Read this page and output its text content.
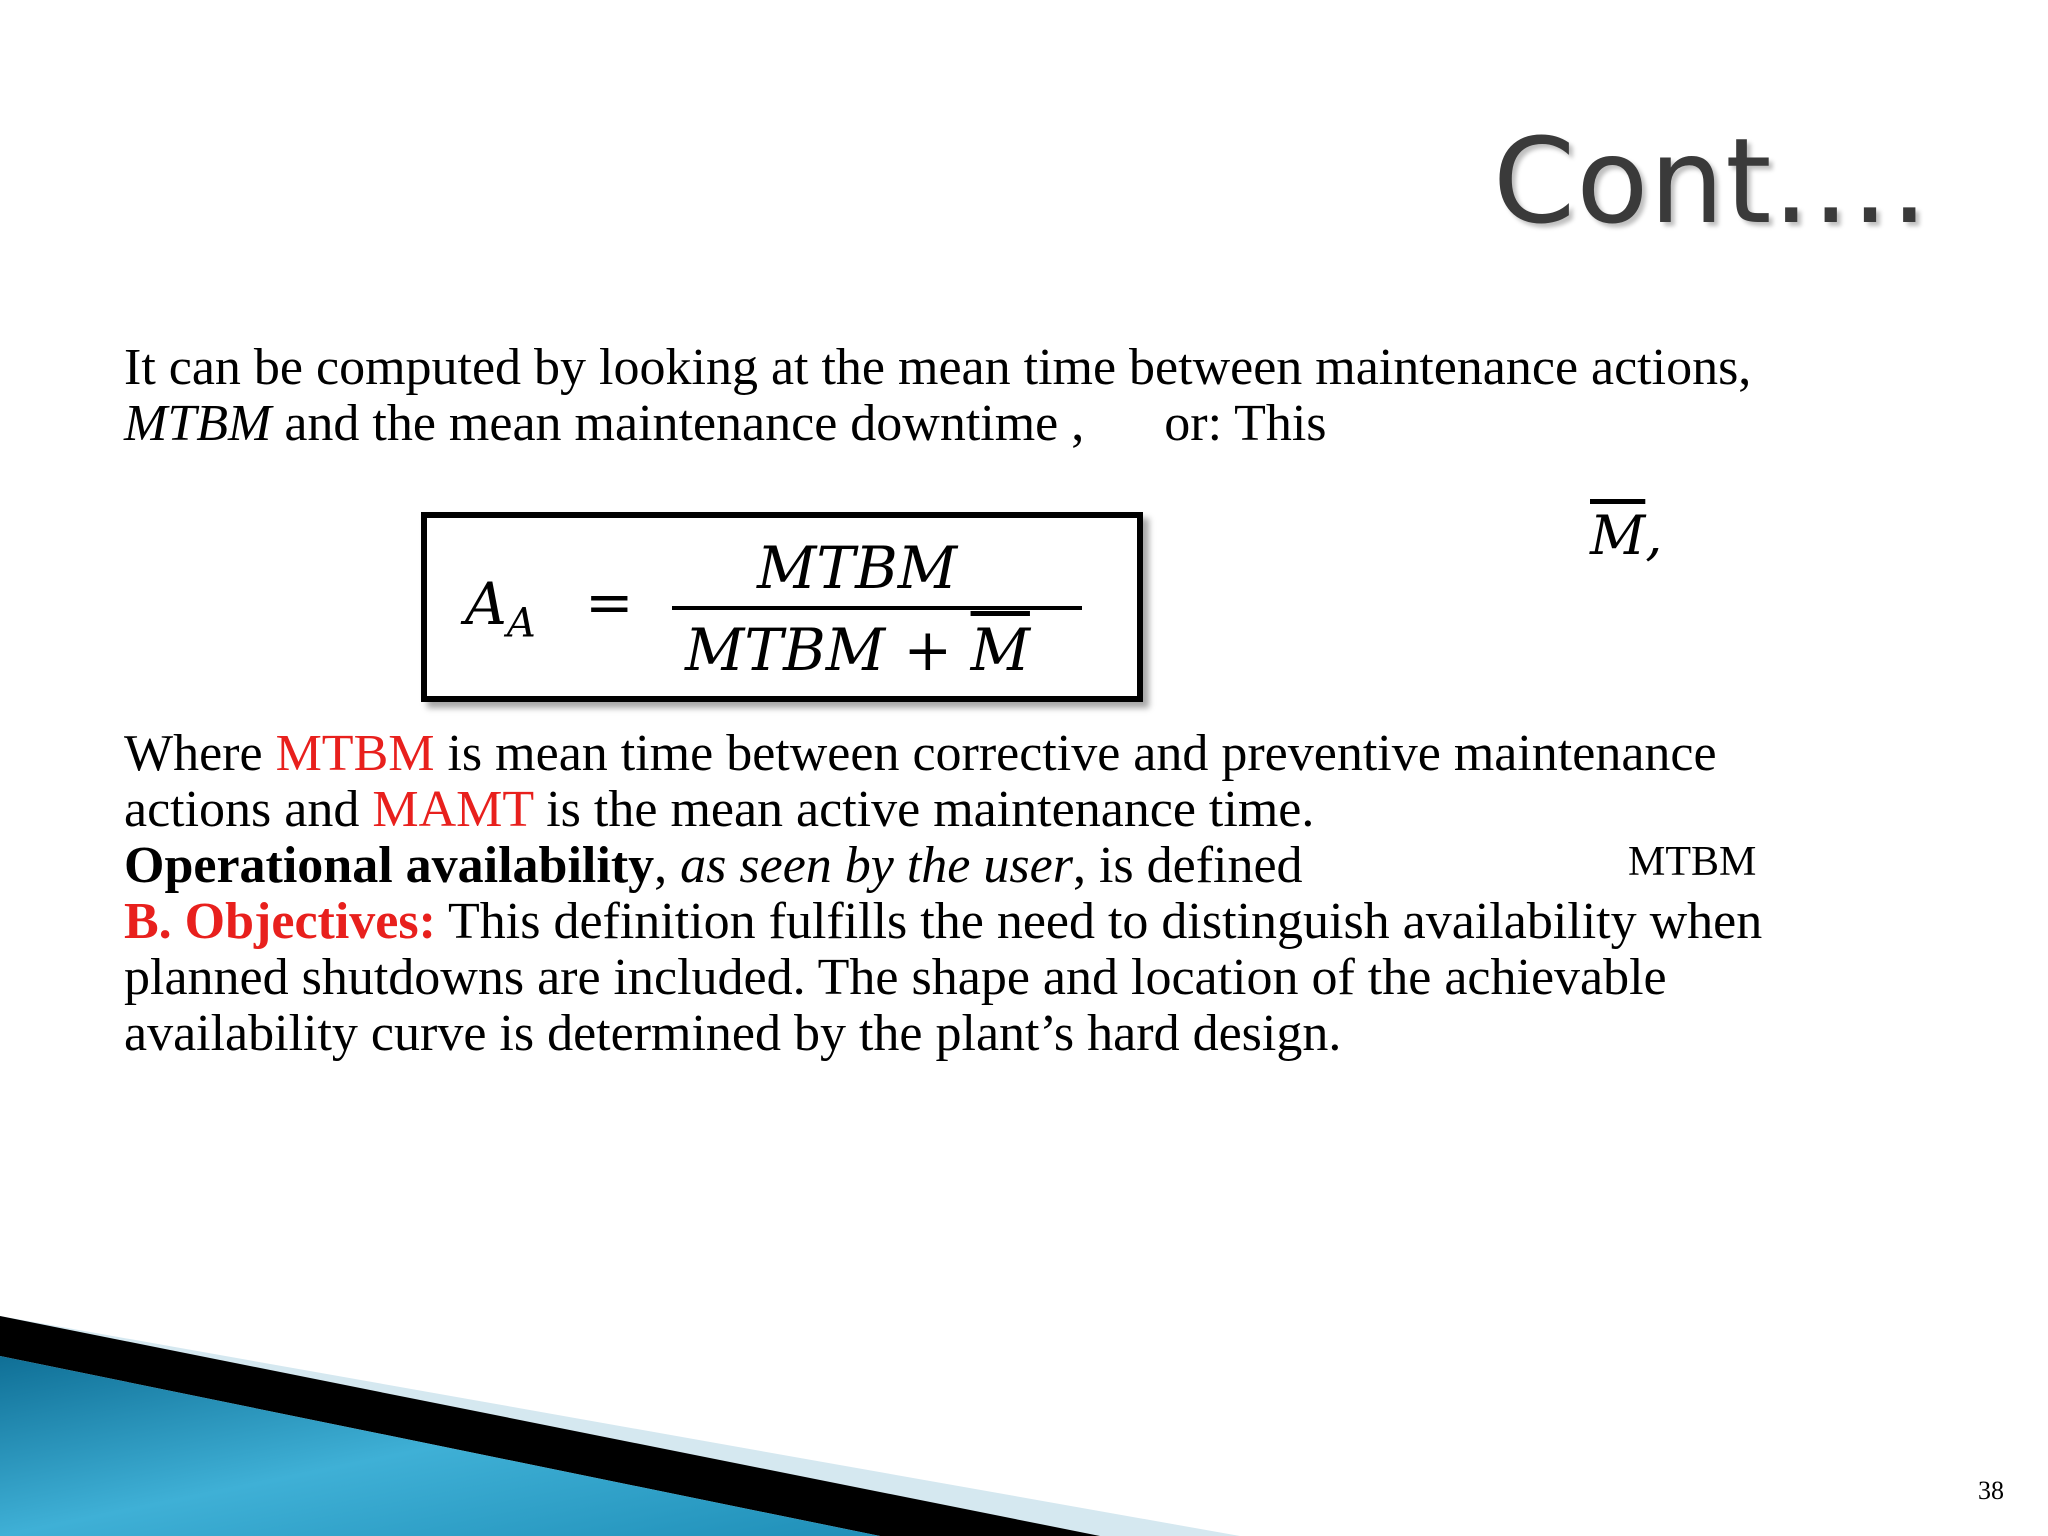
Cont.…
It can be computed by looking at the mean time between maintenance actions,
MTBM and the mean maintenance downtime , or: This
$A_A$ = MTBM
MTBM + $\overline{M}$
$\overline{M}$,
Where MTBM is mean time between corrective and preventive maintenance
actions and MAMT is the mean active maintenance time.
Operational availability, as seen by the user, is defined
B. Objectives: This definition fulfills the need to distinguish availability when
planned shutdowns are included. The shape and location of the achievable
availability curve is determined by the plant’s hard design.
MTBM
38
